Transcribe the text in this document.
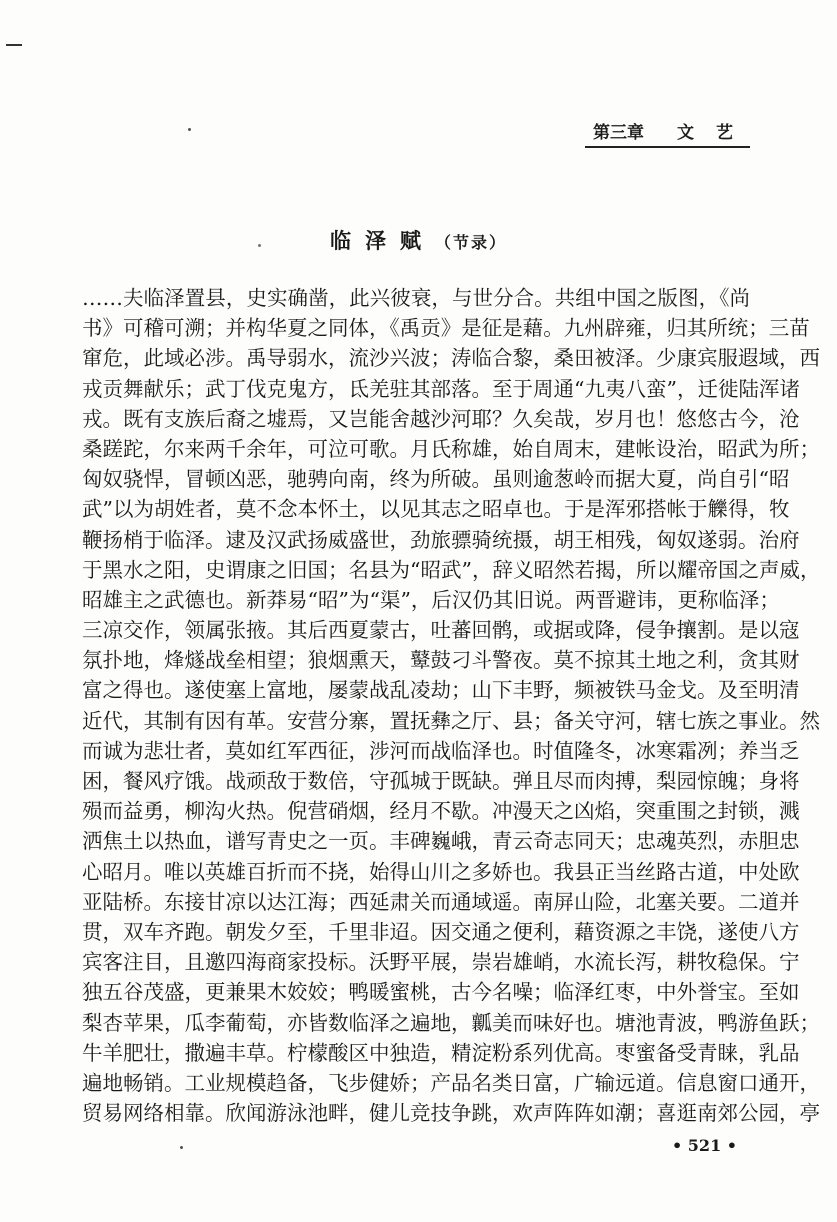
第三章 文 艺
临泽赋（节录）
……夫临泽置县，史实确凿，此兴彼衰，与世分合。共组中国之版图，《尚
书》可稽可溯；并构华夏之同体，《禹贡》是征是藉。九州辟雍，归其所统；三苗
窜危，此域必涉。禹导弱水，流沙兴波；涛临合黎，桑田被泽。少康宾服遐域，西
戎贡舞献乐；武丁伐克鬼方，氐羌驻其部落。至于周通“九夷八蛮”，迁徙陆浑诸
戎。既有支族后裔之墟焉，又岂能舍越沙河耶？久矣哉，岁月也！悠悠古今，沧
桑蹉跎，尔来两千余年，可泣可歌。月氏称雄，始自周末，建帐设治，昭武为所；
匈奴骁悍，冒顿凶恶，驰骋向南，终为所破。虽则逾葱岭而据大夏，尚自引“昭
武”以为胡姓者，莫不念本怀土，以见其志之昭卓也。于是浑邪搭帐于觻得，牧
鞭扬梢于临泽。逮及汉武扬威盛世，劲旅骠骑统摄，胡王相残，匈奴遂弱。治府
于黑水之阳，史谓康之旧国；名县为“昭武”，辞义昭然若揭，所以耀帝国之声威，
昭雄主之武德也。新莽易“昭”为“渠”，后汉仍其旧说。两晋避讳，更称临泽；
三凉交作，领属张掖。其后西夏蒙古，吐蕃回鹘，或据或降，侵争攘割。是以寇
氛扑地，烽燧战垒相望；狼烟熏天，鼙鼓刁斗警夜。莫不掠其土地之利，贪其财
富之得也。遂使塞上富地，屡蒙战乱凌劫；山下丰野，频被铁马金戈。及至明清
近代，其制有因有革。安营分寨，置抚彝之厅、县；备关守河，辖七族之事业。然
而诚为悲壮者，莫如红军西征，涉河而战临泽也。时值隆冬，冰寒霜冽；养当乏
困，餐风疗饿。战顽敌于数倍，守孤城于既缺。弹且尽而肉搏，梨园惊魄；身将
殒而益勇，柳沟火热。倪营硝烟，经月不歇。冲漫天之凶焰，突重围之封锁，溅
洒焦土以热血，谱写青史之一页。丰碑巍峨，青云奇志同天；忠魂英烈，赤胆忠
心昭月。唯以英雄百折而不挠，始得山川之多娇也。我县正当丝路古道，中处欧
亚陆桥。东接甘凉以达江海；西延肃关而通域遥。南屏山险，北塞关要。二道并
贯，双车齐跑。朝发夕至，千里非迢。因交通之便利，藉资源之丰饶，遂使八方
宾客注目，且邀四海商家投标。沃野平展，崇岩雄峭，水流长泻，耕牧稳保。宁
独五谷茂盛，更兼果木姣姣；鸭暖蜜桃，古今名噪；临泽红枣，中外誉宝。至如
梨杏苹果，瓜李葡萄，亦皆数临泽之遍地，瓤美而味好也。塘池青波，鸭游鱼跃；
牛羊肥壮，撒遍丰草。柠檬酸区中独造，精淀粉系列优高。枣蜜备受青睐，乳品
遍地畅销。工业规模趋备，飞步健娇；产品名类日富，广输远道。信息窗口通开，
贸易网络相靠。欣闻游泳池畔，健儿竞技争跳，欢声阵阵如潮；喜逛南郊公园，亭
• 521 •
